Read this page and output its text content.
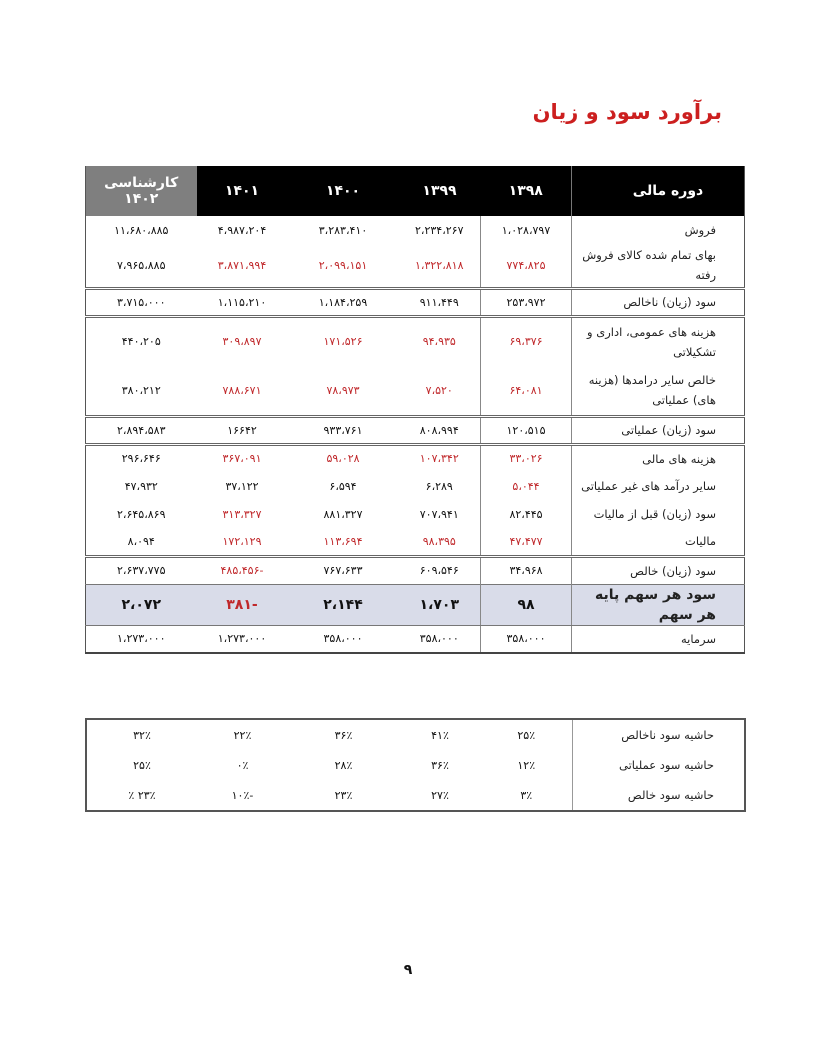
برآورد سود و زیان
دوره مالی	۱۳۹۸	۱۳۹۹	۱۴۰۰	۱۴۰۱	کارشناسی ۱۴۰۲
فروش	۱،۰۲۸،۷۹۷	۲،۲۳۴،۲۶۷	۳،۲۸۳،۴۱۰	۴،۹۸۷،۲۰۴	۱۱،۶۸۰،۸۸۵
بهای تمام شده کالای فروش رفته	۷۷۴،۸۲۵	۱،۳۲۲،۸۱۸	۲،۰۹۹،۱۵۱	۳،۸۷۱،۹۹۴	۷،۹۶۵،۸۸۵
سود (زیان) ناخالص	۲۵۳،۹۷۲	۹۱۱،۴۴۹	۱،۱۸۴،۲۵۹	۱،۱۱۵،۲۱۰	۳،۷۱۵،۰۰۰
هزینه های عمومی، اداری و تشکیلاتی	۶۹،۳۷۶	۹۴،۹۳۵	۱۷۱،۵۲۶	۳۰۹،۸۹۷	۴۴۰،۲۰۵
خالص سایر درامدها (هزینه های) عملیاتی	۶۴،۰۸۱	۷،۵۲۰	۷۸،۹۷۳	۷۸۸،۶۷۱	۳۸۰،۲۱۲
سود (زیان) عملیاتی	۱۲۰،۵۱۵	۸۰۸،۹۹۴	۹۳۳،۷۶۱	۱۶۶۴۲	۲،۸۹۴،۵۸۳
هزینه های مالی	۳۳،۰۲۶	۱۰۷،۳۴۲	۵۹،۰۲۸	۳۶۷،۰۹۱	۲۹۶،۶۴۶
سایر درآمد های غیر عملیاتی	۵،۰۴۴	۶،۲۸۹	۶،۵۹۴	۳۷،۱۲۲	۴۷،۹۳۲
سود (زیان) قبل از مالیات	۸۲،۴۴۵	۷۰۷،۹۴۱	۸۸۱،۳۲۷	۳۱۳،۳۲۷	۲،۶۴۵،۸۶۹
مالیات	۴۷،۴۷۷	۹۸،۳۹۵	۱۱۳،۶۹۴	۱۷۲،۱۲۹	۸،۰۹۴
سود (زیان) خالص	۳۴،۹۶۸	۶۰۹،۵۴۶	۷۶۷،۶۳۳	-۴۸۵،۴۵۶	۲،۶۳۷،۷۷۵
سود هر سهم پایه هر سهم	۹۸	۱،۷۰۳	۲،۱۴۴	-۳۸۱	۲،۰۷۲
سرمایه	۳۵۸،۰۰۰	۳۵۸،۰۰۰	۳۵۸،۰۰۰	۱،۲۷۳،۰۰۰	۱،۲۷۳،۰۰۰
حاشیه سود ناخالص	۲۵٪	۴۱٪	۳۶٪	۲۲٪	۳۲٪
حاشیه سود عملیاتی	۱۲٪	۳۶٪	۲۸٪	۰٪	۲۵٪
حاشیه سود خالص	۳٪	۲۷٪	۲۳٪	-۱۰٪	۲۳٪ ٪
۹
